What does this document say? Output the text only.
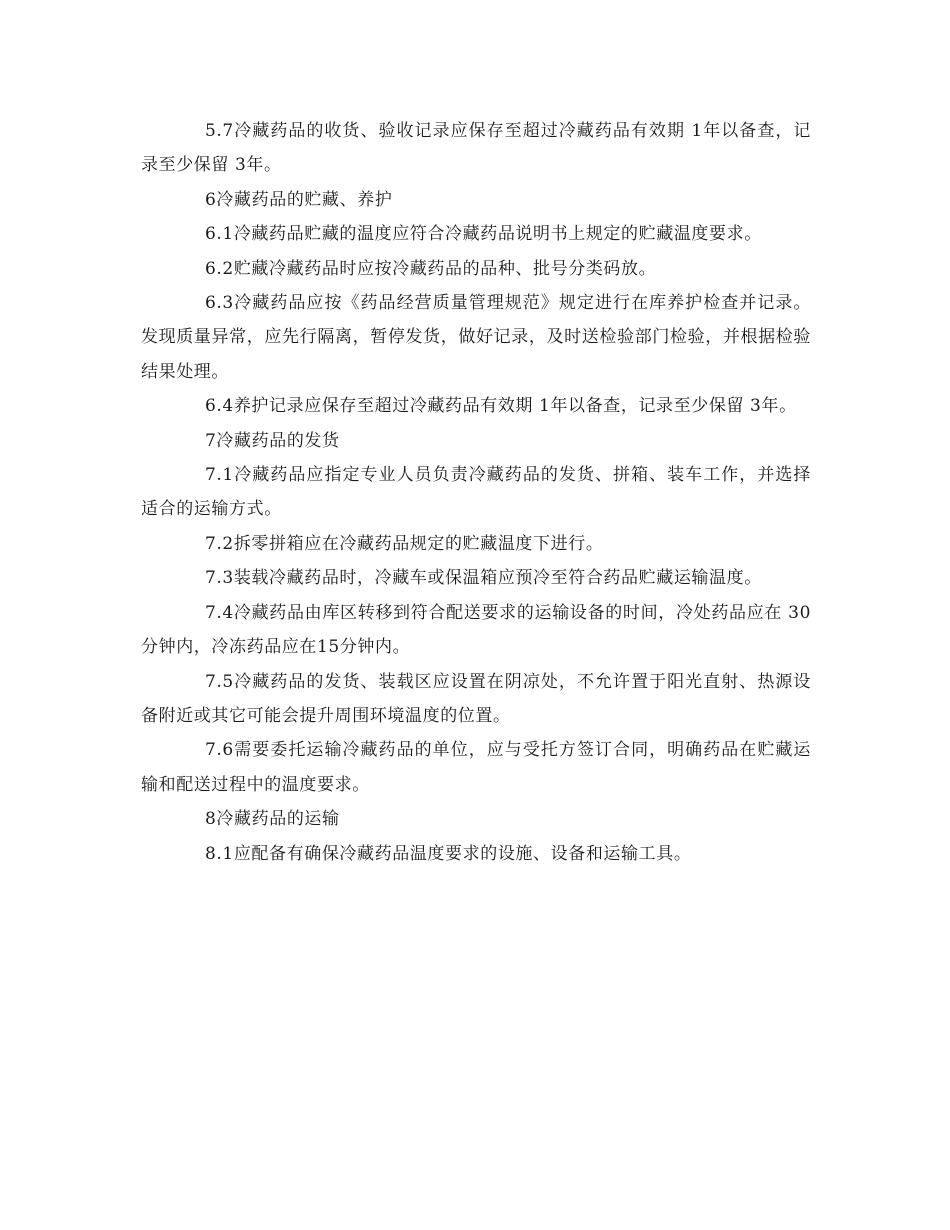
5.7冷藏药品的收货、验收记录应保存至超过冷藏药品有效期 1年以备查，记录至少保留 3年。

6冷藏药品的贮藏、养护

6.1冷藏药品贮藏的温度应符合冷藏药品说明书上规定的贮藏温度要求。

6.2贮藏冷藏药品时应按冷藏药品的品种、批号分类码放。

6.3冷藏药品应按《药品经营质量管理规范》规定进行在库养护检查并记录。发现质量异常，应先行隔离，暂停发货，做好记录，及时送检验部门检验，并根据检验结果处理。

6.4养护记录应保存至超过冷藏药品有效期 1年以备查，记录至少保留 3年。

7冷藏药品的发货

7.1冷藏药品应指定专业人员负责冷藏药品的发货、拼箱、装车工作，并选择适合的运输方式。

7.2拆零拼箱应在冷藏药品规定的贮藏温度下进行。

7.3装载冷藏药品时，冷藏车或保温箱应预冷至符合药品贮藏运输温度。

7.4冷藏药品由库区转移到符合配送要求的运输设备的时间，冷处药品应在 30分钟内，冷冻药品应在15分钟内。

7.5冷藏药品的发货、装载区应设置在阴凉处，不允许置于阳光直射、热源设备附近或其它可能会提升周围环境温度的位置。

7.6需要委托运输冷藏药品的单位，应与受托方签订合同，明确药品在贮藏运输和配送过程中的温度要求。

8冷藏药品的运输

8.1应配备有确保冷藏药品温度要求的设施、设备和运输工具。
